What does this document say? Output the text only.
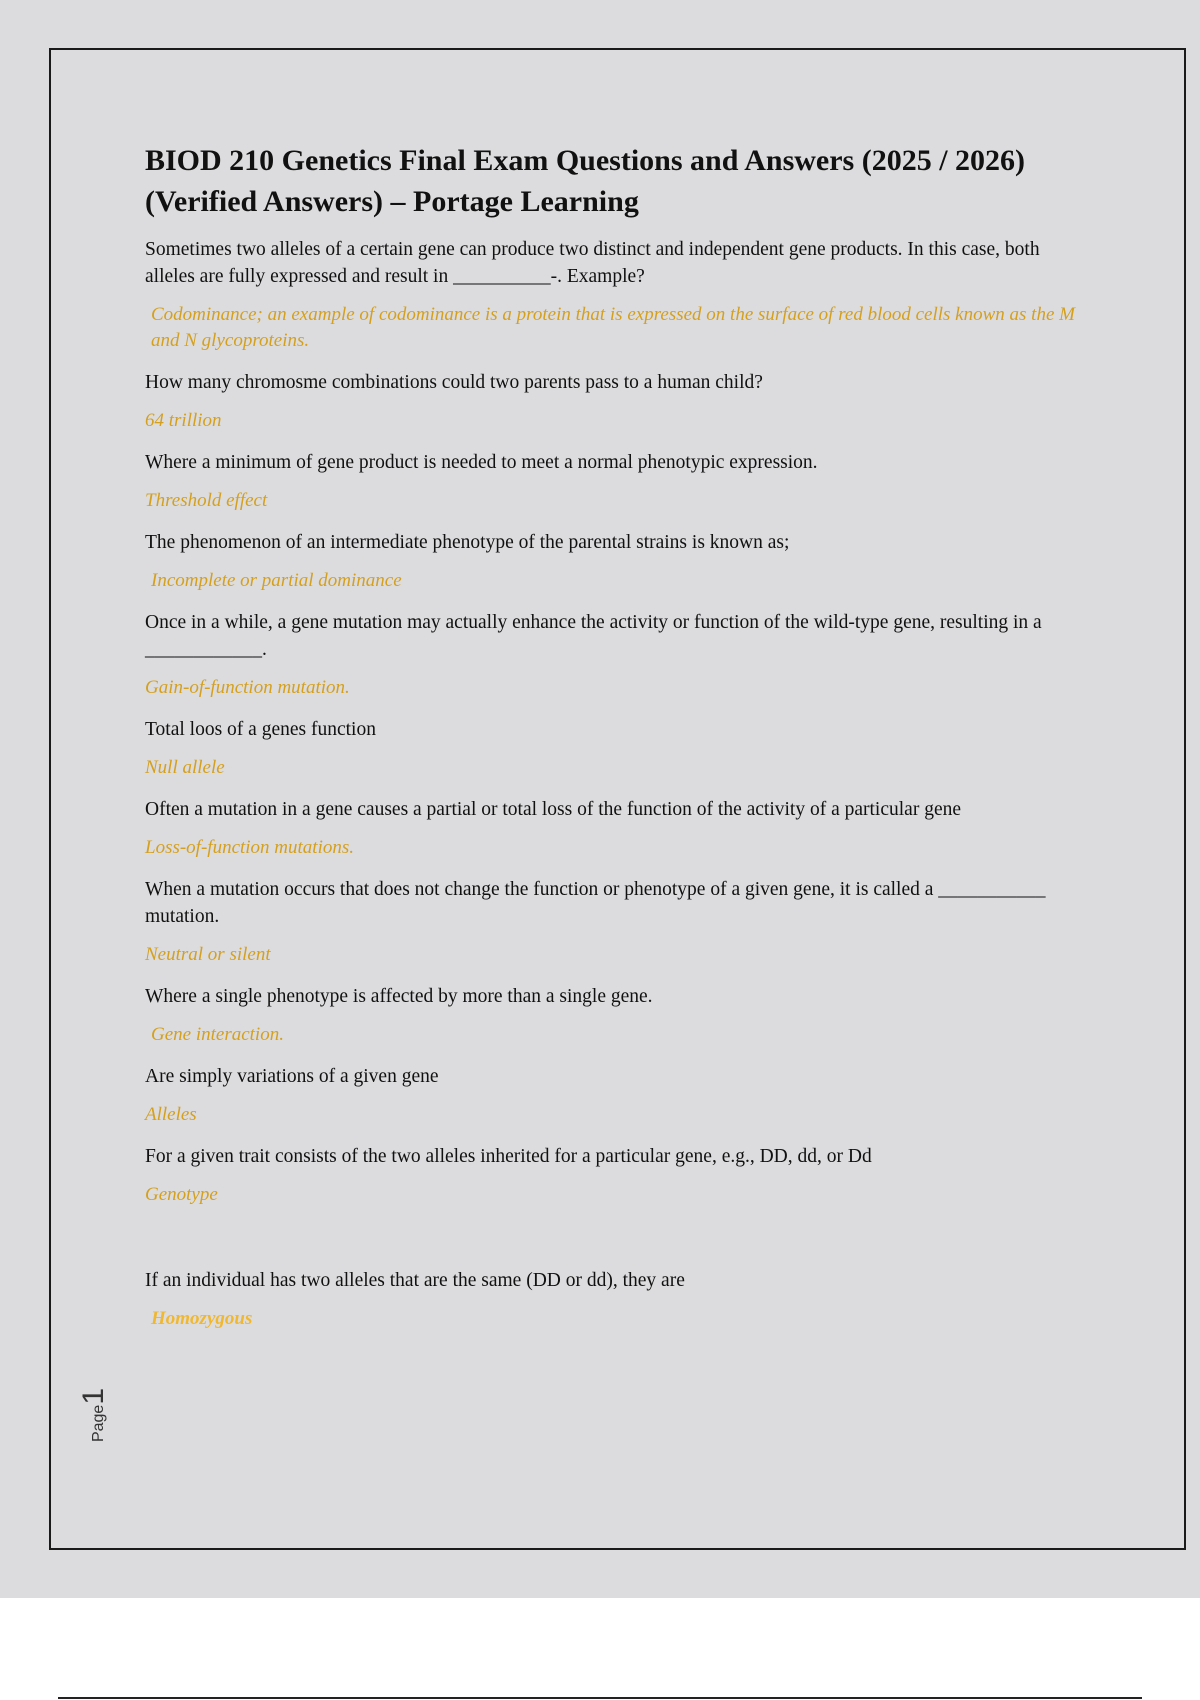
BIOD 210 Genetics Final Exam Questions and Answers (2025 / 2026) (Verified Answers) – Portage Learning
Sometimes two alleles of a certain gene can produce two distinct and independent gene products. In this case, both alleles are fully expressed and result in __________-. Example?
Codominance; an example of codominance is a protein that is expressed on the surface of red blood cells known as the M and N glycoproteins.
How many chromosme combinations could two parents pass to a human child?
64 trillion
Where a minimum of gene product is needed to meet a normal phenotypic expression.
Threshold effect
The phenomenon of an intermediate phenotype of the parental strains is known as;
Incomplete or partial dominance
Once in a while, a gene mutation may actually enhance the activity or function of the wild-type gene, resulting in a ____________.
Gain-of-function mutation.
Total loos of a genes function
Null allele
Often a mutation in a gene causes a partial or total loss of the function of the activity of a particular gene
Loss-of-function mutations.
When a mutation occurs that does not change the function or phenotype of a given gene, it is called a ___________ mutation.
Neutral or silent
Where a single phenotype is affected by more than a single gene.
Gene interaction.
Are simply variations of a given gene
Alleles
For a given trait consists of the two alleles inherited for a particular gene, e.g., DD, dd, or Dd
Genotype
If an individual has two alleles that are the same (DD or dd), they are
Homozygous
Page1
